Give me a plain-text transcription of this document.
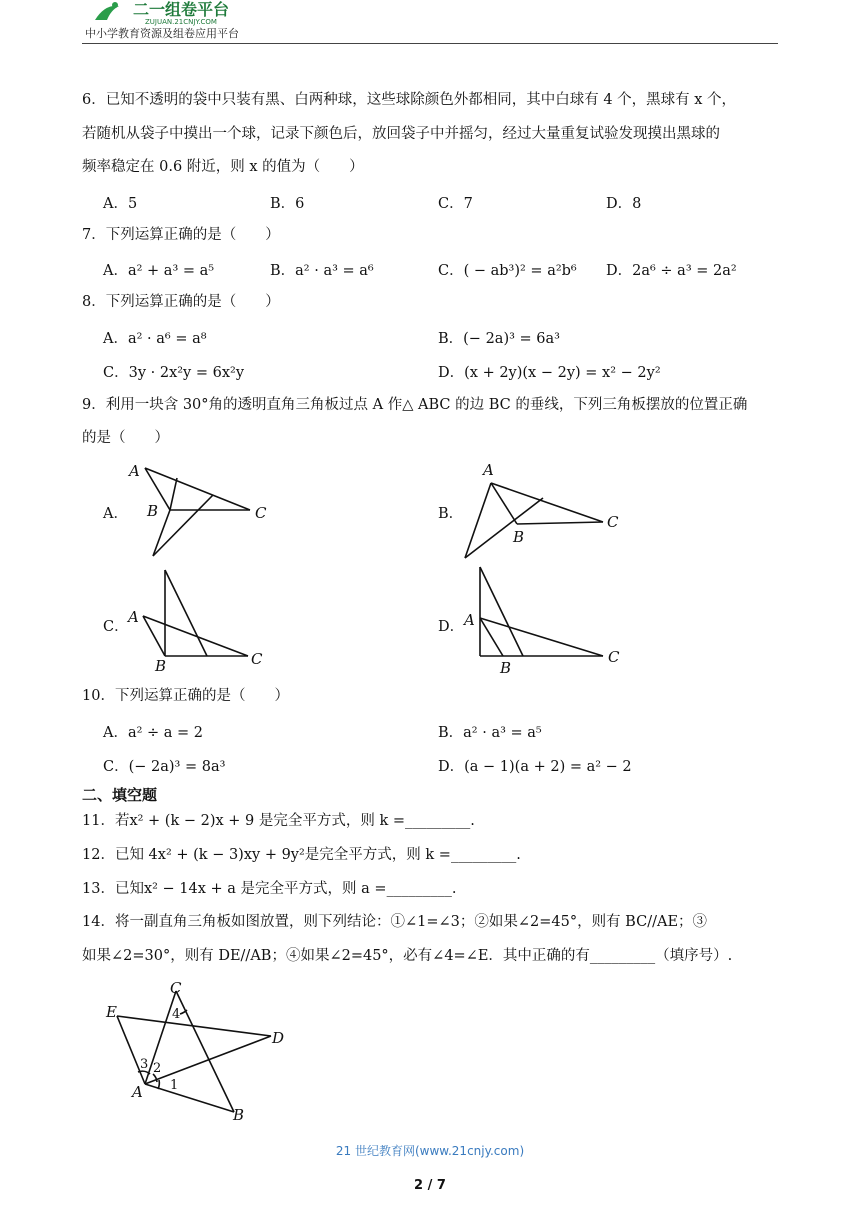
二一组卷平台
ZUJUAN.21CNJY.COM
中小学教育资源及组卷应用平台
6．已知不透明的袋中只装有黑、白两种球，这些球除颜色外都相同，其中白球有 4 个，黑球有 x 个，
若随机从袋子中摸出一个球，记录下颜色后，放回袋子中并摇匀，经过大量重复试验发现摸出黑球的
频率稳定在 0.6 附近，则 x 的值为（　　）
A．5	B．6	C．7	D．8
7．下列运算正确的是（　　）
A．a² + a³ = a⁵	B．a² · a³ = a⁶	C．( − ab³)² = a²b⁶ D．2a⁶ ÷ a³ = 2a²
8．下列运算正确的是（　　）
A．a² · a⁶ = a⁸	B．(− 2a)³ = 6a³
C．3y · 2x²y = 6x²y	D．(x + 2y)(x − 2y) = x² − 2y²
9．利用一块含 30°角的透明直角三角板过点 A 作△ ABC 的边 BC 的垂线，下列三角板摆放的位置正确
的是（　　）
A．
A
B	C	B．
A
B
C
C．
A
B	C
D． A
B
C
10．下列运算正确的是（　　）
A．a² ÷ a = 2	B．a² · a³ = a⁵
C．(− 2a)³ = 8a³	D．(a − 1)(a + 2) = a² − 2
二、填空题
11．若x² + (k − 2)x + 9 是完全平方式，则 k =_________.
12．已知 4x² + (k − 3)xy + 9y²是完全平方式，则 k =_________.
13．已知x² − 14x + a 是完全平方式，则 a =_________.
14．将一副直角三角板如图放置，则下列结论：①∠1=∠3；②如果∠2=45°，则有 BC//AE；③
如果∠2=30°，则有 DE//AB；④如果∠2=45°，必有∠4=∠E．其中正确的有_________（填序号）.
E
C
D
A
B
1
2
3
4
21 世纪教育网(www.21cnjy.com)
2 / 7
